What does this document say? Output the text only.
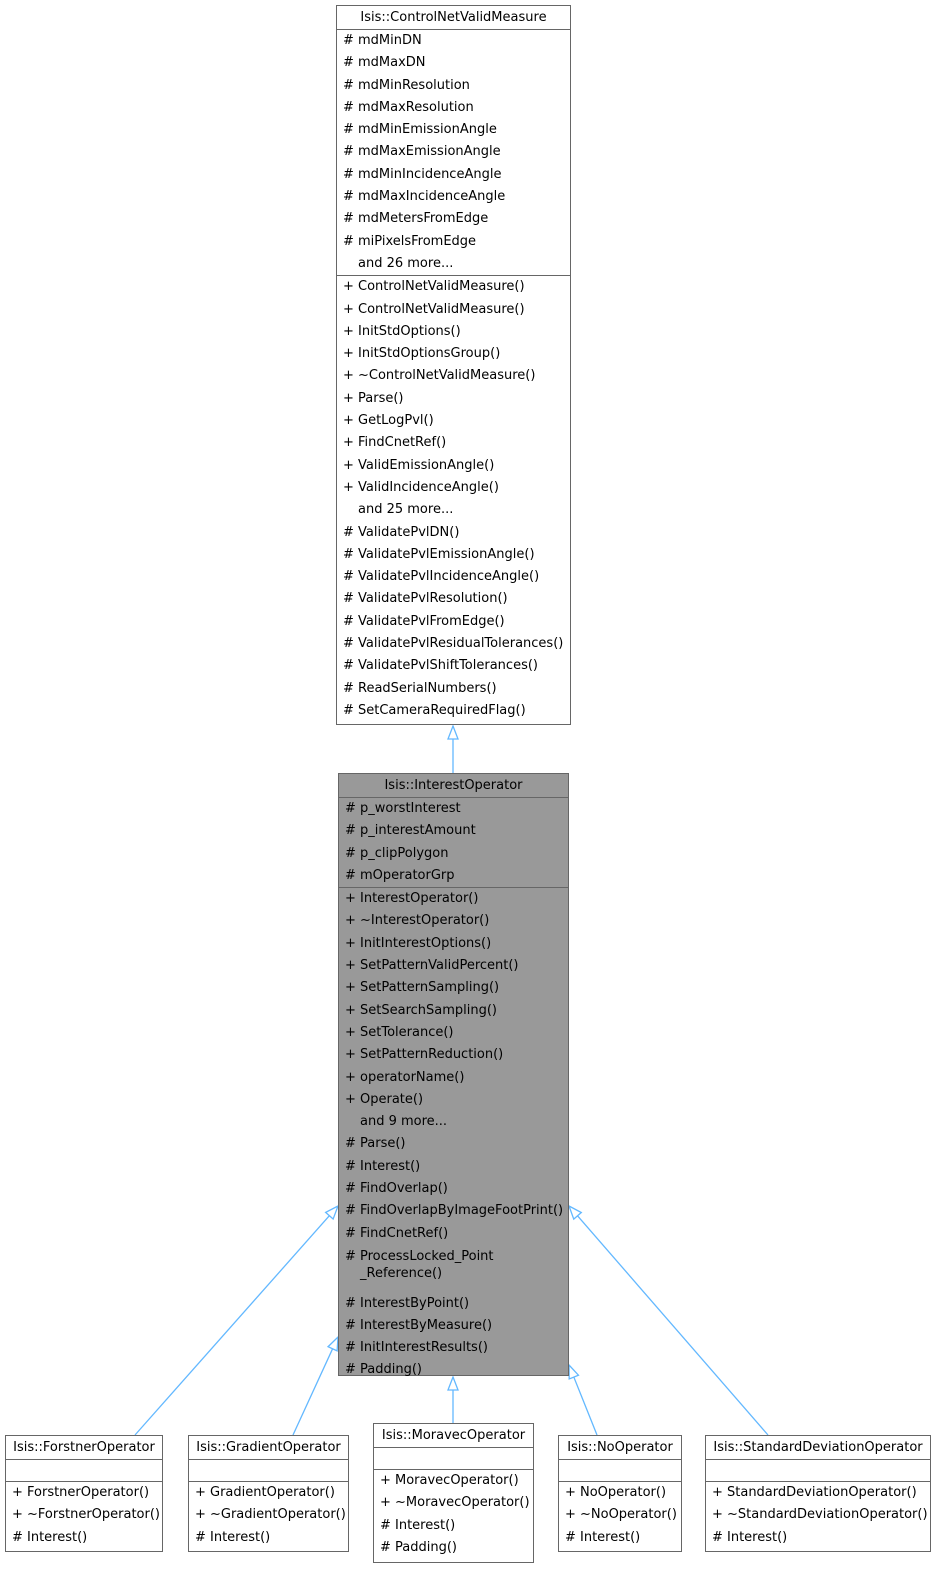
Isis::ControlNetValidMeasure
# mdMinDN
# mdMaxDN
# mdMinResolution
# mdMaxResolution
# mdMinEmissionAngle
# mdMaxEmissionAngle
# mdMinIncidenceAngle
# mdMaxIncidenceAngle
# mdMetersFromEdge
# miPixelsFromEdge
and 26 more...
+ ControlNetValidMeasure()
+ ControlNetValidMeasure()
+ InitStdOptions()
+ InitStdOptionsGroup()
+ ~ControlNetValidMeasure()
+ Parse()
+ GetLogPvl()
+ FindCnetRef()
+ ValidEmissionAngle()
+ ValidIncidenceAngle()
and 25 more...
# ValidatePvlDN()
# ValidatePvlEmissionAngle()
# ValidatePvlIncidenceAngle()
# ValidatePvlResolution()
# ValidatePvlFromEdge()
# ValidatePvlResidualTolerances()
# ValidatePvlShiftTolerances()
# ReadSerialNumbers()
# SetCameraRequiredFlag()
Isis::InterestOperator
# p_worstInterest
# p_interestAmount
# p_clipPolygon
# mOperatorGrp
+ InterestOperator()
+ ~InterestOperator()
+ InitInterestOptions()
+ SetPatternValidPercent()
+ SetPatternSampling()
+ SetSearchSampling()
+ SetTolerance()
+ SetPatternReduction()
+ operatorName()
+ Operate()
and 9 more...
# Parse()
# Interest()
# FindOverlap()
# FindOverlapByImageFootPrint()
# FindCnetRef()
# ProcessLocked_Point
_Reference()
# InterestByPoint()
# InterestByMeasure()
# InitInterestResults()
# Padding()
Isis::ForstnerOperator
+ ForstnerOperator()
+ ~ForstnerOperator()
# Interest()
Isis::GradientOperator
+ GradientOperator()
+ ~GradientOperator()
# Interest()
Isis::MoravecOperator
+ MoravecOperator()
+ ~MoravecOperator()
# Interest()
# Padding()
Isis::NoOperator
+ NoOperator()
+ ~NoOperator()
# Interest()
Isis::StandardDeviationOperator
+ StandardDeviationOperator()
+ ~StandardDeviationOperator()
# Interest()
